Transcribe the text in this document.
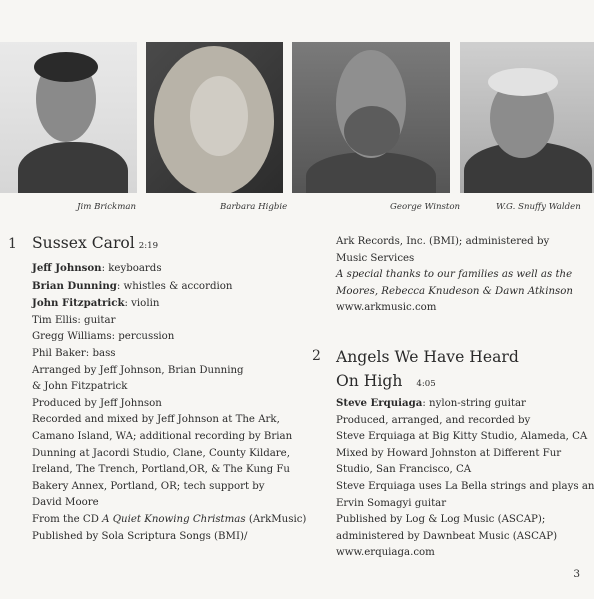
Jim Brickman	Barbara Higbie	George Winston	W.G. Snuffy Walden
1 Sussex Carol 2:19
Jeff Johnson: keyboards
Brian Dunning: whistles & accordion
John Fitzpatrick: violin
Tim Ellis: guitar
Gregg Williams: percussion
Phil Baker: bass
Arranged by Jeff Johnson, Brian Dunning
& John Fitzpatrick
Produced by Jeff Johnson
Recorded and mixed by Jeff Johnson at The Ark,
Camano Island, WA; additional recording by Brian
Dunning at Jacordi Studio, Clane, County Kildare,
Ireland, The Trench, Portland,OR, & The Kung Fu
Bakery Annex, Portland, OR; tech support by
David Moore
From the CD A Quiet Knowing Christmas (ArkMusic)
Published by Sola Scriptura Songs (BMI)/
Ark Records, Inc. (BMI); administered by
Music Services
A special thanks to our families as well as the
Moores, Rebecca Knudeson & Dawn Atkinson
www.arkmusic.com
2 Angels We Have Heard
On High 4:05
Steve Erquiaga: nylon-string guitar
Produced, arranged, and recorded by
Steve Erquiaga at Big Kitty Studio, Alameda, CA
Mixed by Howard Johnston at Different Fur
Studio, San Francisco, CA
Steve Erquiaga uses La Bella strings and plays an
Ervin Somagyi guitar
Published by Log & Log Music (ASCAP);
administered by Dawnbeat Music (ASCAP)
www.erquiaga.com
3
